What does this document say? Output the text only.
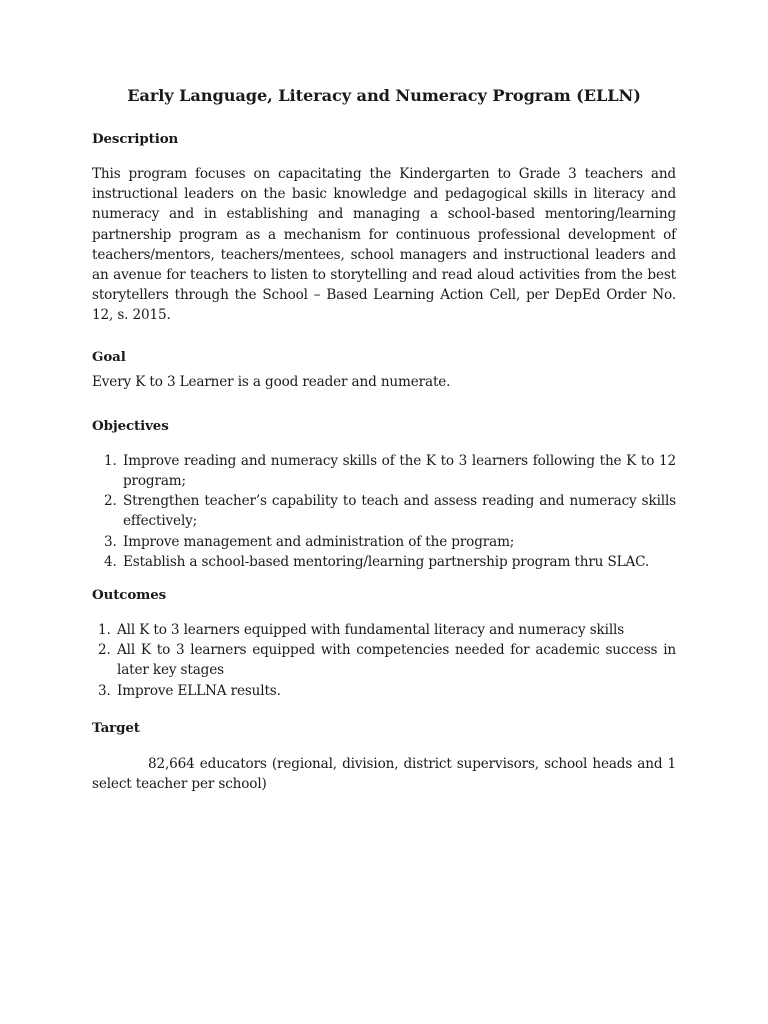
Early Language, Literacy and Numeracy Program (ELLN)
Description

This program focuses on capacitating the Kindergarten to Grade 3 teachers and instructional leaders on the basic knowledge and pedagogical skills in literacy and numeracy and in establishing and managing a school-based mentoring/learning partnership program as a mechanism for continuous professional development of teachers/mentors, teachers/mentees, school managers and instructional leaders and an avenue for teachers to listen to storytelling and read aloud activities from the best storytellers through the School – Based Learning Action Cell, per DepEd Order No. 12, s. 2015.

Goal

Every K to 3 Learner is a good reader and numerate.

Objectives
1. Improve reading and numeracy skills of the K to 3 learners following the K to 12 program;
2. Strengthen teacher’s capability to teach and assess reading and numeracy skills effectively;
3. Improve management and administration of the program;
4. Establish a school-based mentoring/learning partnership program thru SLAC.
Outcomes
1. All K to 3 learners equipped with fundamental literacy and numeracy skills
2. All K to 3 learners equipped with competencies needed for academic success in later key stages
3. Improve ELLNA results.
Target

82,664 educators (regional, division, district supervisors, school heads and 1 select teacher per school)
